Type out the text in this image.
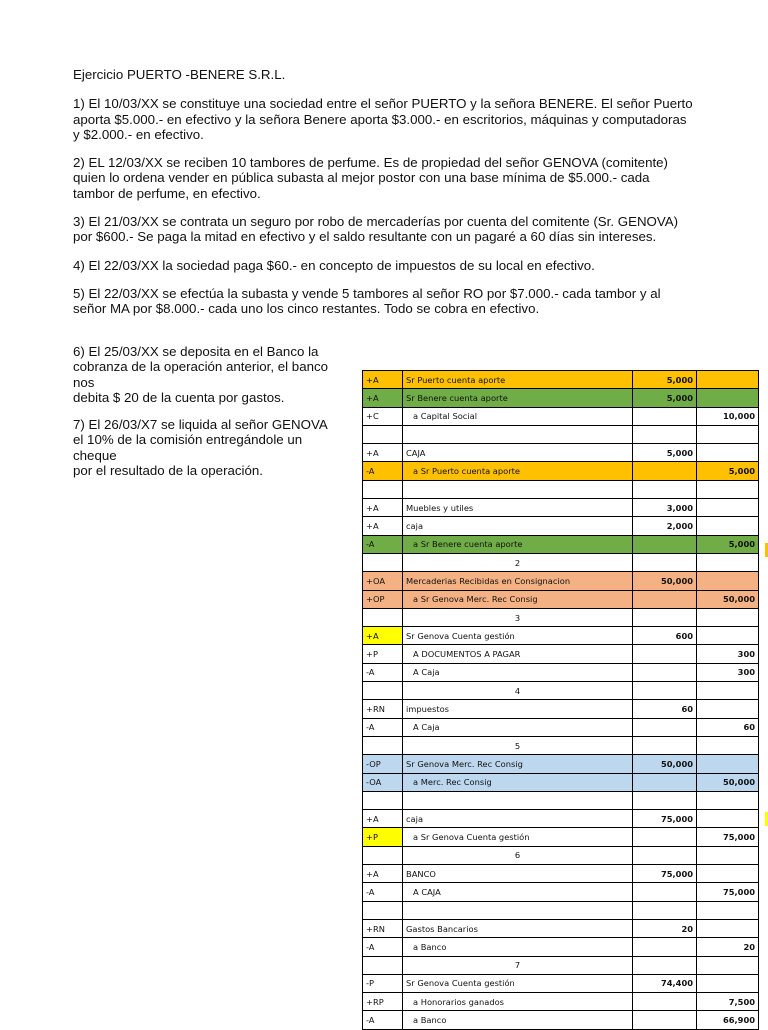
Ejercicio PUERTO -BENERE S.R.L.

1) El 10/03/XX se constituye una sociedad entre el señor PUERTO y la señora BENERE. El señor Puerto aporta $5.000.- en efectivo y la señora Benere aporta $3.000.- en escritorios, máquinas y computadoras y $2.000.- en efectivo.

2) EL 12/03/XX se reciben 10 tambores de perfume. Es de propiedad del señor GENOVA (comitente) quien lo ordena vender en pública subasta al mejor postor con una base mínima de $5.000.- cada tambor de perfume, en efectivo.

3) El 21/03/XX se contrata un seguro por robo de mercaderías por cuenta del comitente (Sr. GENOVA) por $600.- Se paga la mitad en efectivo y el saldo resultante con un pagaré a 60 días sin intereses.

4) El 22/03/XX la sociedad paga $60.- en concepto de impuestos de su local en efectivo.

5) El 22/03/XX se efectúa la subasta y vende 5 tambores al señor RO por $7.000.- cada tambor y al señor MA por $8.000.- cada uno los cinco restantes. Todo se cobra en efectivo.

6) El 25/03/XX se deposita en el Banco la
cobranza de la operación anterior, el banco
nos
debita $ 20 de la cuenta por gastos.

7) El 26/03/X7 se liquida al señor GENOVA
el 10% de la comisión entregándole un
cheque
por el resultado de la operación.

+A	Sr Puerto cuenta aporte	5,000	
+A	Sr Benere cuenta aporte	5,000	
+C	a Capital Social		10,000

+A	CAJA	5,000	
-A	a Sr Puerto cuenta aporte		5,000

+A	Muebles y utiles	3,000	
+A	caja	2,000	
-A	a Sr Benere cuenta aporte		5,000
	2		
+OA	Mercaderias Recibidas en Consignacion	50,000	
+OP	a Sr Genova Merc. Rec Consig		50,000
	3		
+A	Sr Genova Cuenta gestión	600	
+P	A DOCUMENTOS A PAGAR		300
-A	A Caja		300
	4		
+RN	impuestos	60	
-A	A Caja		60
	5		
-OP	Sr Genova Merc. Rec Consig	50,000	
-OA	a Merc. Rec Consig		50,000

+A	caja	75,000	
+P	a Sr Genova Cuenta gestión		75,000
	6		
+A	BANCO	75,000	
-A	A CAJA		75,000

+RN	Gastos Bancarios	20	
-A	a Banco		20
	7		
-P	Sr Genova Cuenta gestión	74,400	
+RP	a Honorarios ganados		7,500
-A	a Banco		66,900
